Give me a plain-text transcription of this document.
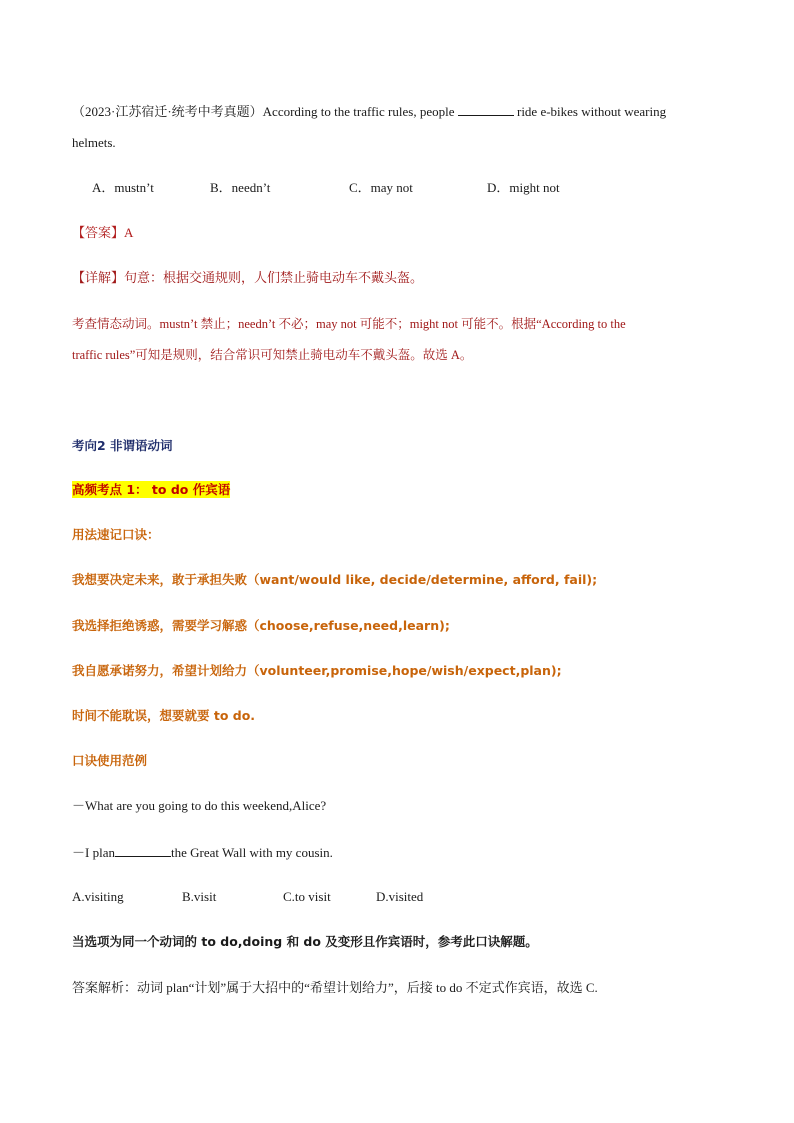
（2023·江苏宿迁·统考中考真题）According to the traffic rules, people	ride e-bikes without wearing
helmets.
A．mustn’t	B．needn’t	C．may not	D．might not
【答案】A
【详解】句意：根据交通规则，人们禁止骑电动车不戴头盔。
考查情态动词。mustn’t 禁止；needn’t 不必；may not 可能不；might not 可能不。根据“According to the
traffic rules”可知是规则，结合常识可知禁止骑电动车不戴头盔。故选 A。
考向2 非谓语动词
高频考点 1： to do 作宾语
用法速记口诀：
我想要决定未来，敢于承担失败（want/would like, decide/determine, afford, fail);
我选择拒绝诱惑，需要学习解惑（choose,refuse,need,learn);
我自愿承诺努力，希望计划给力（volunteer,promise,hope/wish/expect,plan);
时间不能耽误，想要就要 to do.
口诀使用范例
－What are you going to do this weekend,Alice?
－I plan	the Great Wall with my cousin.
A.visiting	B.visit	C.to visit	D.visited
当选项为同一个动词的 to do,doing 和 do 及变形且作宾语时，参考此口诀解题。
答案解析：动词 plan“计划”属于大招中的“希望计划给力”，后接 to do 不定式作宾语，故选 C.
